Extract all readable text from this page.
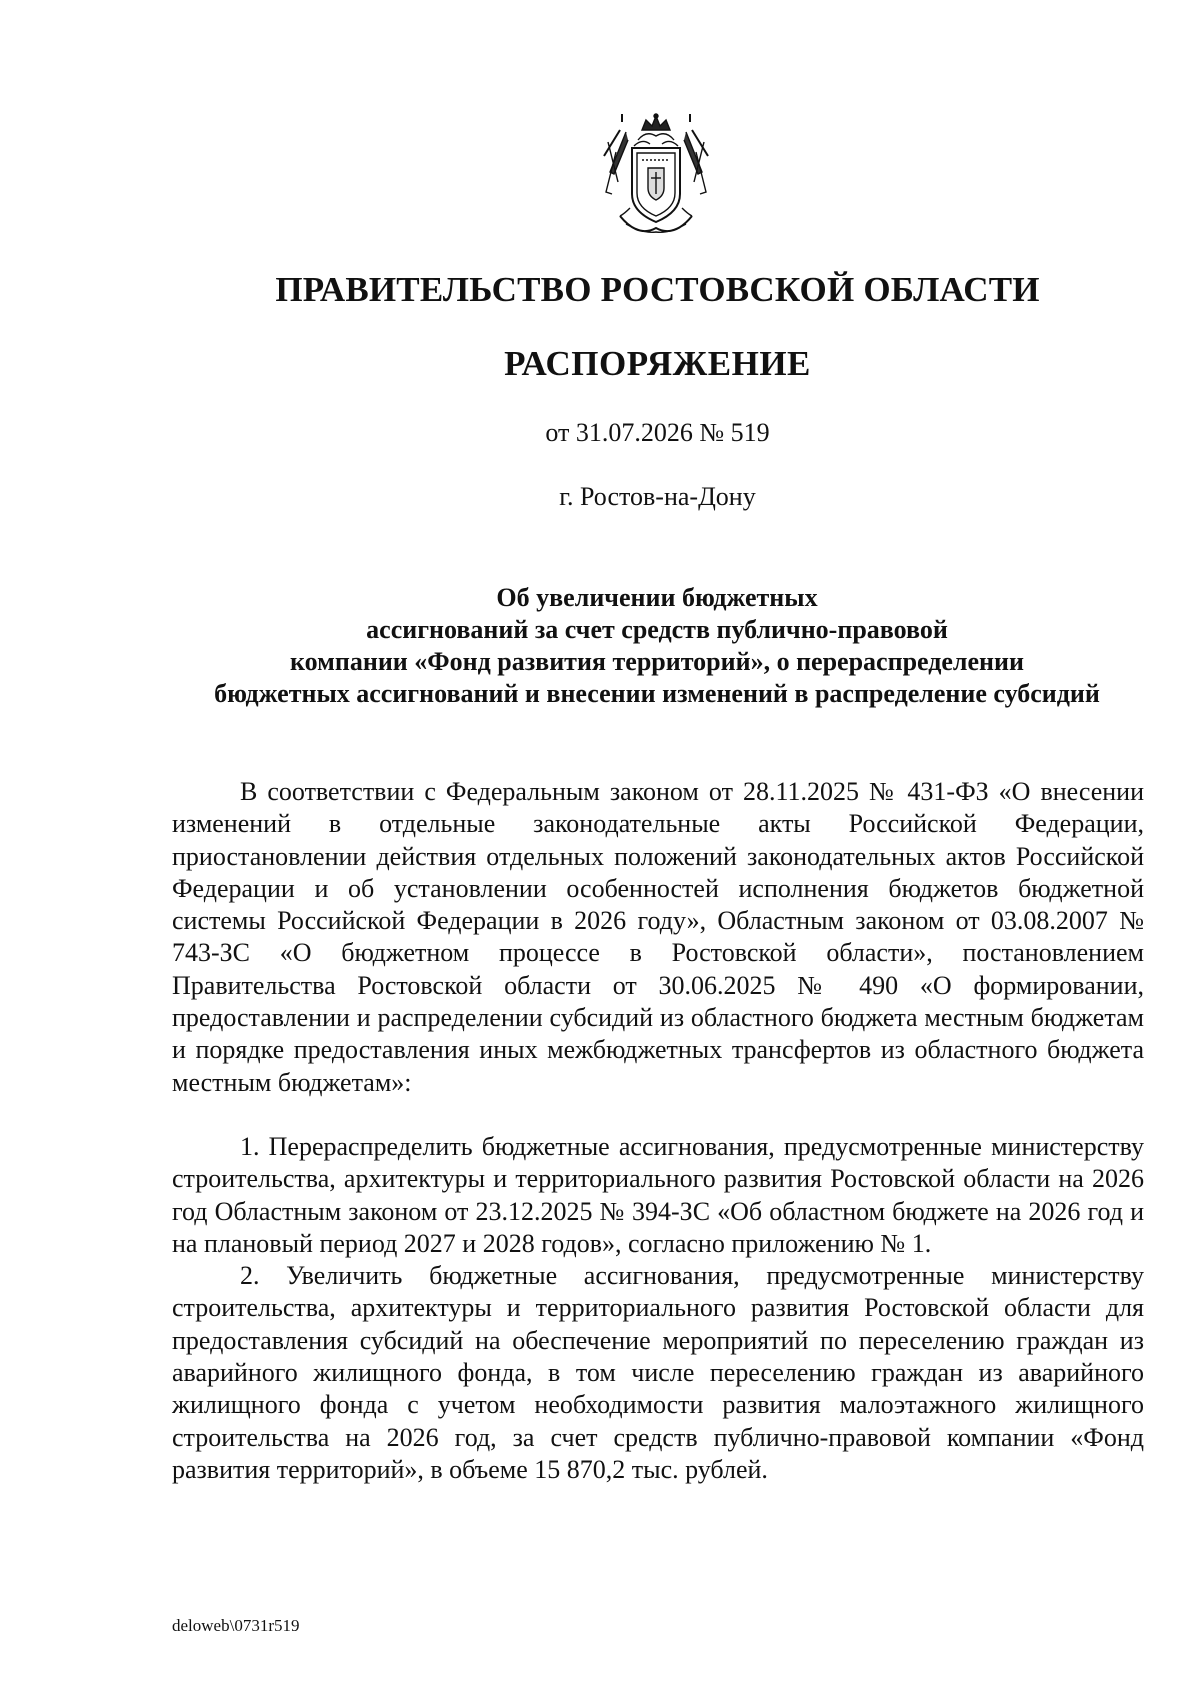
ПРАВИТЕЛЬСТВО РОСТОВСКОЙ ОБЛАСТИ
РАСПОРЯЖЕНИЕ

от 31.07.2026 № 519

г. Ростов-на-Дону

Об увеличении бюджетных
ассигнований за счет средств публично-правовой
компании «Фонд развития территорий», о перераспределении
бюджетных ассигнований и внесении изменений в распределение субсидий

В соответствии с Федеральным законом от 28.11.2025 № 431-ФЗ «О внесении изменений в отдельные законодательные акты Российской Федерации, приостановлении действия отдельных положений законодательных актов Российской Федерации и об установлении особенностей исполнения бюджетов бюджетной системы Российской Федерации в 2026 году», Областным законом от 03.08.2007 № 743-ЗС «О бюджетном процессе в Ростовской области», постановлением Правительства Ростовской области от 30.06.2025 № 490 «О формировании, предоставлении и распределении субсидий из областного бюджета местным бюджетам и порядке предоставления иных межбюджетных трансфертов из областного бюджета местным бюджетам»:

1. Перераспределить бюджетные ассигнования, предусмотренные министерству строительства, архитектуры и территориального развития Ростовской области на 2026 год Областным законом от 23.12.2025 № 394-ЗС «Об областном бюджете на 2026 год и на плановый период 2027 и 2028 годов», согласно приложению № 1.

2. Увеличить бюджетные ассигнования, предусмотренные министерству строительства, архитектуры и территориального развития Ростовской области для предоставления субсидий на обеспечение мероприятий по переселению граждан из аварийного жилищного фонда, в том числе переселению граждан из аварийного жилищного фонда с учетом необходимости развития малоэтажного жилищного строительства на 2026 год, за счет средств публично-правовой компании «Фонд развития территорий», в объеме 15 870,2 тыс. рублей.

deloweb\0731r519
